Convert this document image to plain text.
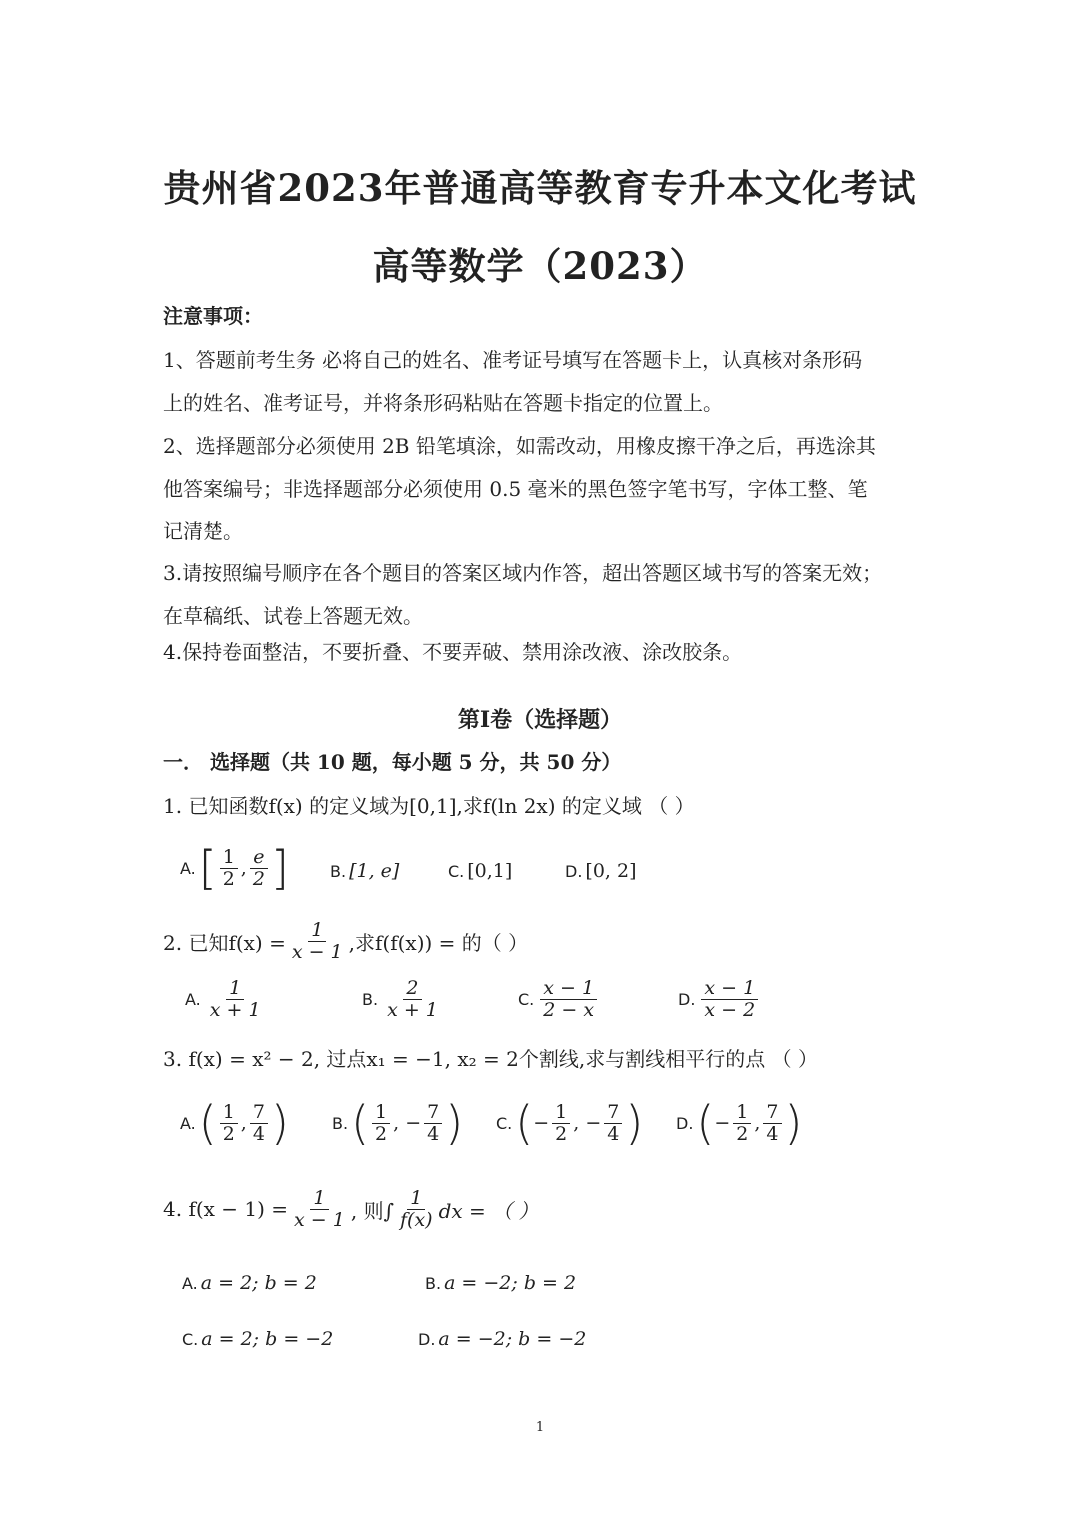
贵州省2023年普通高等教育专升本文化考试
高等数学（2023）
注意事项：
1、答题前考生务 必将自己的姓名、准考证号填写在答题卡上，认真核对条形码
上的姓名、准考证号，并将条形码粘贴在答题卡指定的位置上。
2、选择题部分必须使用 2B 铅笔填涂，如需改动，用橡皮擦干净之后，再选涂其
他答案编号；非选择题部分必须使用 0.5 毫米的黑色签字笔书写，字体工整、笔
记清楚。
3.请按照编号顺序在各个题目的答案区域内作答，超出答题区域书写的答案无效；
在草稿纸、试卷上答题无效。
4.保持卷面整洁，不要折叠、不要弄破、禁用涂改液、涂改胶条。
第Ⅰ卷（选择题）
一． 选择题（共 10 题，每小题 5 分，共 50 分）
1. 已知函数f(x) 的定义域为[0,1],求f(ln 2x) 的定义域 （ ）
A. [ $\frac{1}{2}$ , $\frac{e}{2}$ ]	B. [1, e]	C. [0,1]	D. [0, 2]
2. 已知$f(x) = \frac{1}{x - 1}$ ,求f(f(x)) = 的（ ）
A. $\frac{1}{x + 1}$	B. $\frac{2}{x + 1}$	C. $\frac{x - 1}{2 - x}$	D. $\frac{x - 1}{x - 2}$
3. f(x) = x² − 2, 过点x₁ = −1, x₂ = 2个割线,求与割线相平行的点 （ ）
A. ( $\frac{1}{2}$ , $\frac{7}{4}$ )	B. ( $\frac{1}{2}$ , − $\frac{7}{4}$ ) C. ( − $\frac{1}{2}$ , − $\frac{7}{4}$ ) D. ( − $\frac{1}{2}$ , $\frac{7}{4}$ )
4. $f(x - 1) = \frac{1}{x - 1}$ , 则∫ $\frac{1}{f(x)}$ dx = （ ）
A. a = 2; b = 2	B. a = −2; b = 2
C. a = 2; b = −2	D. a = −2; b = −2
1
